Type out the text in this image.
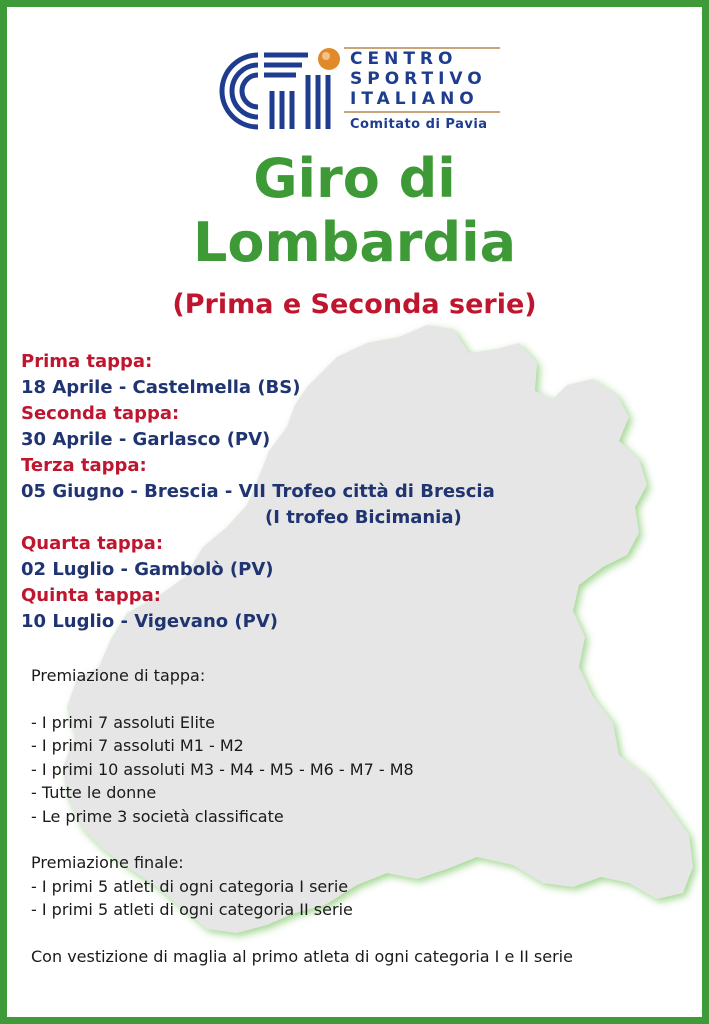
CENTRO
SPORTIVO
ITALIANO
Comitato di Pavia
Giro di
Lombardia
(Prima e Seconda serie)
Prima tappa:
18 Aprile - Castelmella (BS)
Seconda tappa:
30 Aprile - Garlasco (PV)
Terza tappa:
05 Giugno - Brescia - VII Trofeo città di Brescia
(I trofeo Bicimania)
Quarta tappa:
02 Luglio - Gambolò (PV)
Quinta tappa:
10 Luglio - Vigevano (PV)
Premiazione di tappa:
- I primi 7 assoluti Elite
- I primi 7 assoluti M1 - M2
- I primi 10 assoluti M3 - M4 - M5 - M6 - M7 - M8
- Tutte le donne
- Le prime 3 società classificate
Premiazione finale:
- I primi 5 atleti di ogni categoria I serie
- I primi 5 atleti di ogni categoria II serie
Con vestizione di maglia al primo atleta di ogni categoria I e II serie
